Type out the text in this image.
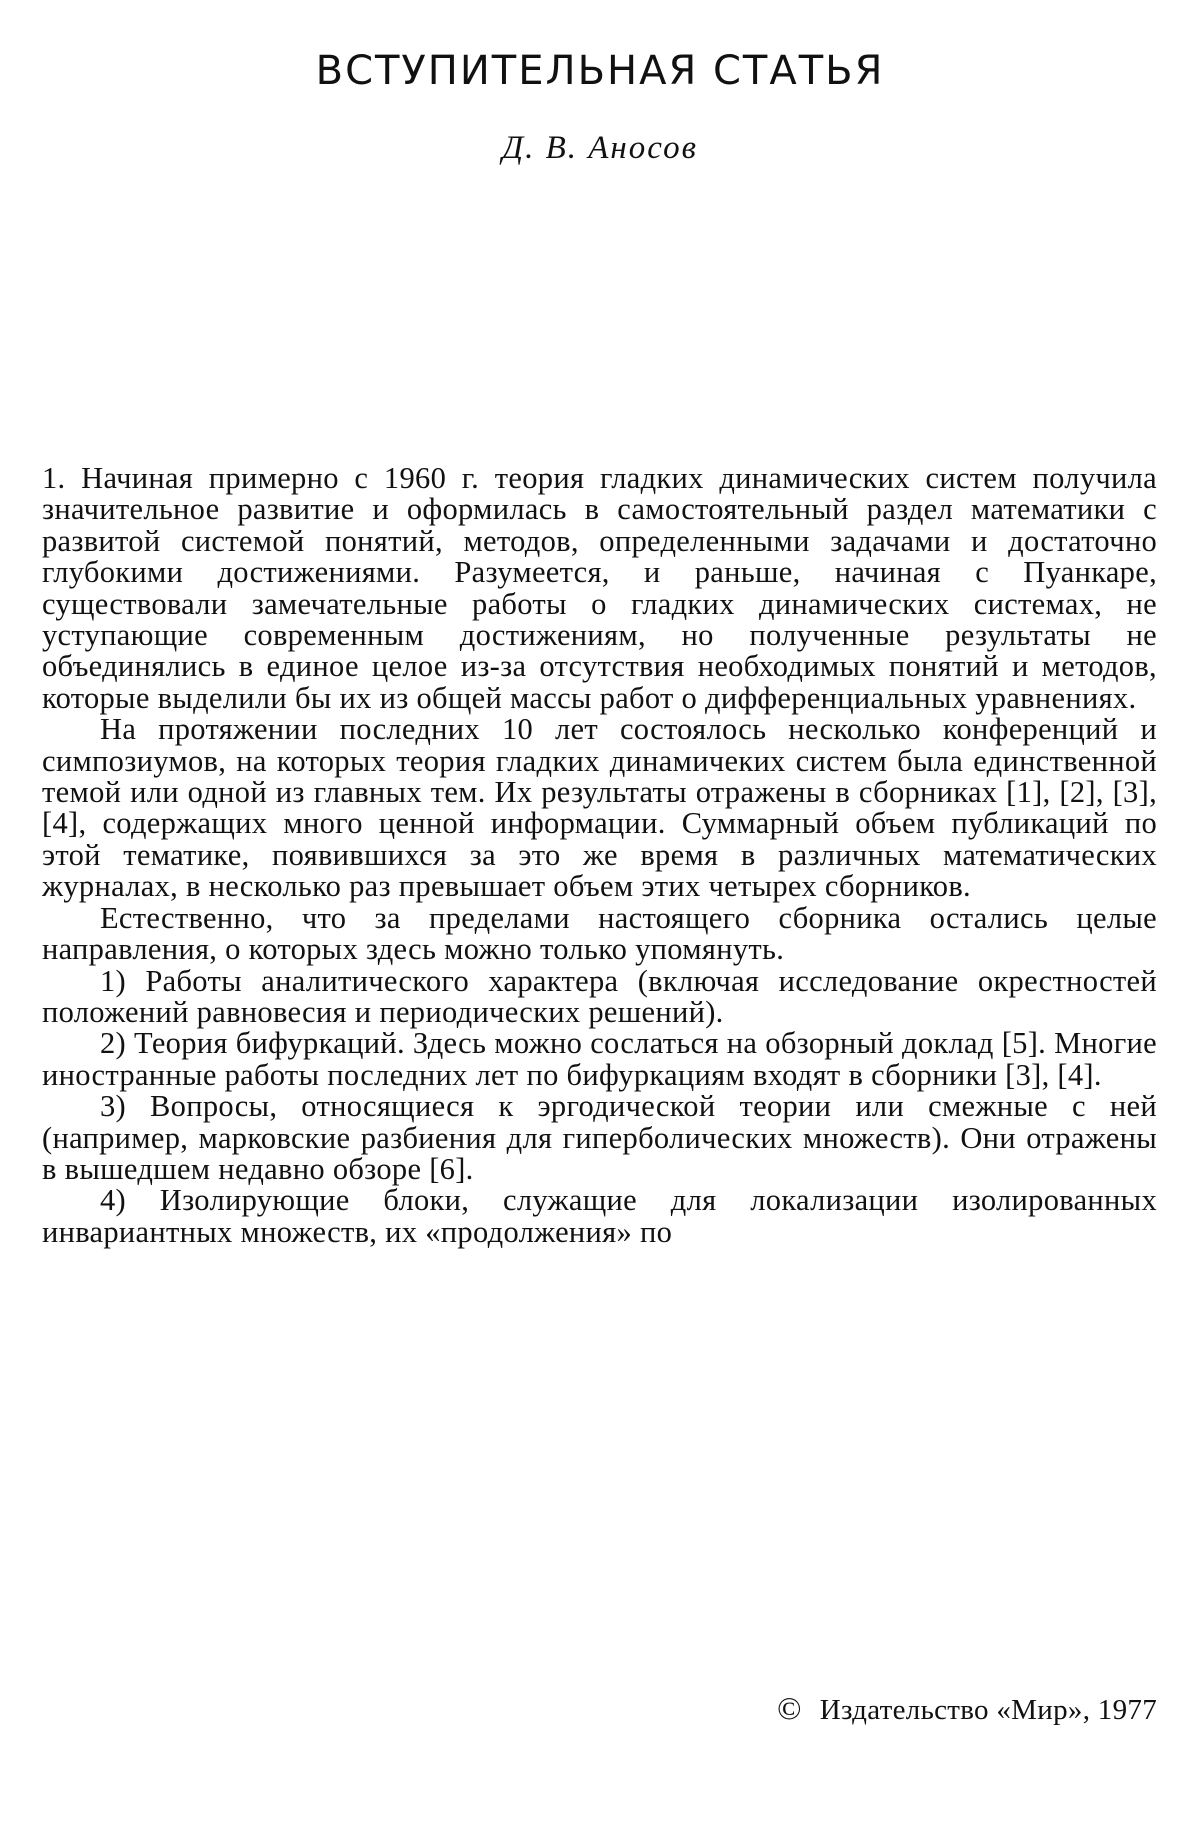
ВСТУПИТЕЛЬНАЯ СТАТЬЯ
Д. В. Аносов

1. Начиная примерно с 1960 г. теория гладких динамических систем получила значительное развитие и оформилась в самостоятельный раздел математики с развитой системой понятий, методов, определенными задачами и достаточно глубокими достижениями. Разумеется, и раньше, начиная с Пуанкаре, существовали замечательные работы о гладких динамических системах, не уступающие современным достижениям, но полученные результаты не объединялись в единое целое из-за отсутствия необходимых понятий и методов, которые выделили бы их из общей массы работ о дифференциальных уравнениях.

На протяжении последних 10 лет состоялось несколько конференций и симпозиумов, на которых теория гладких динамичеких систем была единственной темой или одной из главных тем. Их результаты отражены в сборниках [1], [2], [3], [4], содержащих много ценной информации. Суммарный объем публикаций по этой тематике, появившихся за это же время в различных математических журналах, в несколько раз превышает объем этих четырех сборников.

Естественно, что за пределами настоящего сборника остались целые направления, о которых здесь можно только упомянуть.

1) Работы аналитического характера (включая исследование окрестностей положений равновесия и периодических решений).

2) Теория бифуркаций. Здесь можно сослаться на обзорный доклад [5]. Многие иностранные работы последних лет по бифуркациям входят в сборники [3], [4].

3) Вопросы, относящиеся к эргодической теории или смежные с ней (например, марковские разбиения для гиперболических множеств). Они отражены в вышедшем недавно обзоре [6].

4) Изолирующие блоки, служащие для локализации изолированных инвариантных множеств, их «продолжения» по

© Издательство «Мир», 1977
